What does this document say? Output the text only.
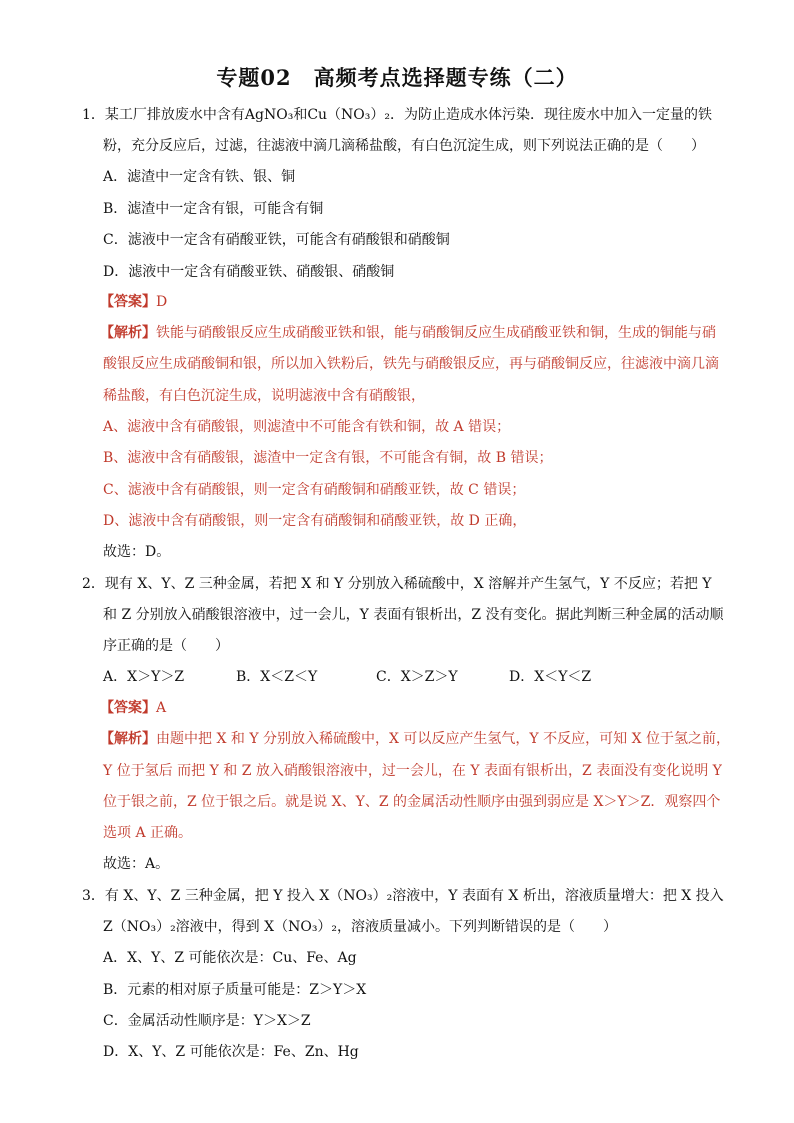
专题02　高频考点选择题专练（二）
1．某工厂排放废水中含有AgNO₃和Cu（NO₃）₂．为防止造成水体污染．现往废水中加入一定量的铁
粉，充分反应后，过滤，往滤液中滴几滴稀盐酸，有白色沉淀生成，则下列说法正确的是（　　）
A．滤渣中一定含有铁、银、铜
B．滤渣中一定含有银，可能含有铜
C．滤液中一定含有硝酸亚铁，可能含有硝酸银和硝酸铜
D．滤液中一定含有硝酸亚铁、硝酸银、硝酸铜
【答案】D
【解析】铁能与硝酸银反应生成硝酸亚铁和银，能与硝酸铜反应生成硝酸亚铁和铜，生成的铜能与硝
酸银反应生成硝酸铜和银，所以加入铁粉后，铁先与硝酸银反应，再与硝酸铜反应，往滤液中滴几滴
稀盐酸，有白色沉淀生成，说明滤液中含有硝酸银，
A、滤液中含有硝酸银，则滤渣中不可能含有铁和铜，故 A 错误；
B、滤液中含有硝酸银，滤渣中一定含有银，不可能含有铜，故 B 错误；
C、滤液中含有硝酸银，则一定含有硝酸铜和硝酸亚铁，故 C 错误；
D、滤液中含有硝酸银，则一定含有硝酸铜和硝酸亚铁，故 D 正确，
故选：D。
2．现有 X、Y、Z 三种金属，若把 X 和 Y 分别放入稀硫酸中，X 溶解并产生氢气，Y 不反应；若把 Y
和 Z 分别放入硝酸银溶液中，过一会儿，Y 表面有银析出，Z 没有变化。据此判断三种金属的活动顺
序正确的是（　　）
A．X＞Y＞Z	B．X＜Z＜Y	C．X＞Z＞Y	D．X＜Y＜Z
【答案】A
【解析】由题中把 X 和 Y 分别放入稀硫酸中，X 可以反应产生氢气，Y 不反应，可知 X 位于氢之前，
Y 位于氢后 而把 Y 和 Z 放入硝酸银溶液中，过一会儿，在 Y 表面有银析出，Z 表面没有变化说明 Y
位于银之前，Z 位于银之后。就是说 X、Y、Z 的金属活动性顺序由强到弱应是 X＞Y＞Z．观察四个
选项 A 正确。
故选：A。
3．有 X、Y、Z 三种金属，把 Y 投入 X（NO₃）₂溶液中，Y 表面有 X 析出，溶液质量增大：把 X 投入
Z（NO₃）₂溶液中，得到 X（NO₃）₂，溶液质量减小。下列判断错误的是（　　）
A．X、Y、Z 可能依次是：Cu、Fe、Ag
B．元素的相对原子质量可能是：Z＞Y＞X
C．金属活动性顺序是：Y＞X＞Z
D．X、Y、Z 可能依次是：Fe、Zn、Hg
